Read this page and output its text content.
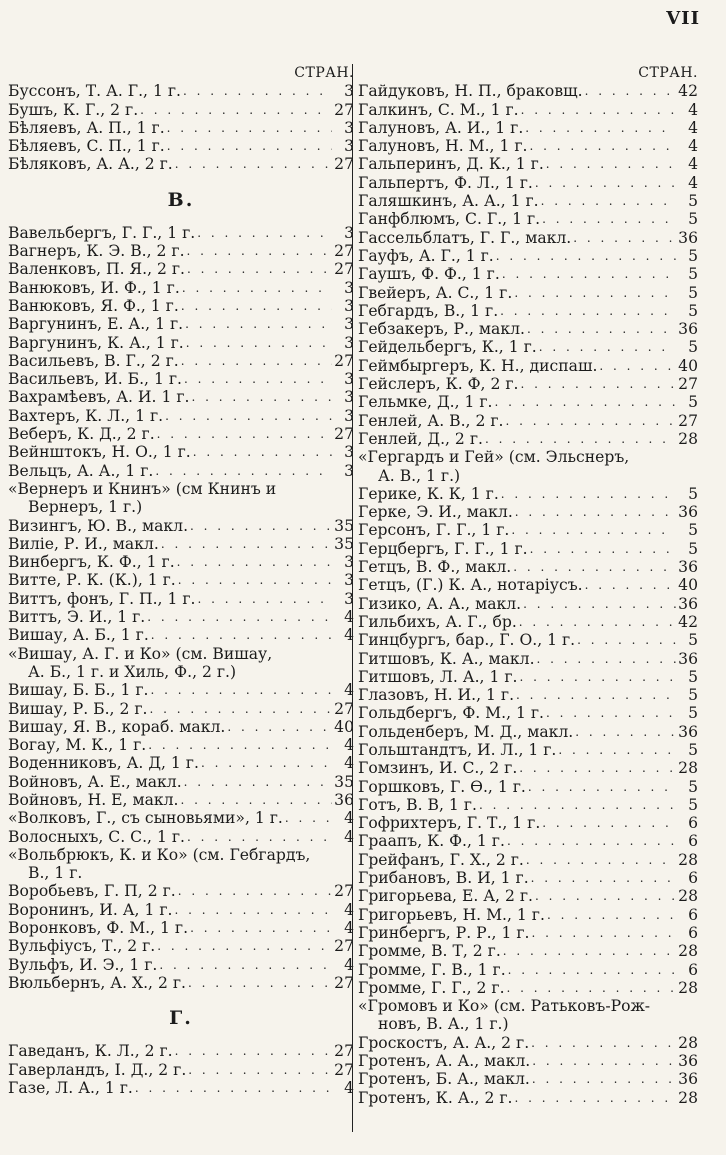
VII
СТРАН.
Буссонъ, Т. А. Г., 1 г. . . .	3
Бушъ, К. Г., 2 г. . . .	27
Бѣляевъ, А. П., 1 г. . . .	3
Бѣляевъ, С. П., 1 г. . . .	3
Бѣляковъ, А. А., 2 г. . . .	27
В.
Вавельбергъ, Г. Г., 1 г. . . .	3
Вагнеръ, К. Э. В., 2 г. . . .	27
Валенковъ, П. Я., 2 г. . . .	27
Ванюковъ, И. Ф., 1 г. . . .	3
Ванюковъ, Я. Ф., 1 г. . . .	3
Варгунинъ, Е. А., 1 г. . . .	3
Варгунинъ, К. А., 1 г. . . .	3
Васильевъ, В. Г., 2 г. . . .	27
Васильевъ, И. Б., 1 г. . . .	3
Вахрамѣевъ, А. И. 1 г. . . .	3
Вахтеръ, К. Л., 1 г. . . .	3
Веберъ, К. Д., 2 г. . . .	27
Вейнштокъ, Н. О., 1 г. . . .	3
Вельцъ, А. А., 1 г. . . .	3
«Вернеръ и Книнъ» (см Книнъ и
Вернеръ, 1 г.)
Визингъ, Ю. В., макл. . . .	35
Виліе, Р. И., макл. . . .	35
Винбергъ, К. Ф., 1 г. . . .	3
Витте, Р. К. (К.), 1 г. . . .	3
Виттъ, фонъ, Г. П., 1 г. . . .	3
Виттъ, Э. И., 1 г. . . .	4
Вишау, А. Б., 1 г. . . .	4
«Вишау, А. Г. и Ко» (см. Вишау,
А. Б., 1 г. и Хиль, Ф., 2 г.)
Вишау, Б. Б., 1 г. . . .	4
Вишау, Р. Б., 2 г. . . .	27
Вишау, Я. В., кораб. макл. . . .	40
Вогау, М. К., 1 г. . . .	4
Воденниковъ, А. Д, 1 г. . . .	4
Войновъ, А. Е., макл. . . .	35
Войновъ, Н. Е, макл. . . .	36
«Волковъ, Г., съ сыновьями», 1 г. . . .	4
Волосныхъ, С. С., 1 г. . . .	4
«Вольбрюкъ, К. и Ко» (см. Гебгардъ,
В., 1 г.
Воробьевъ, Г. П, 2 г. . . .	27
Воронинъ, И. А, 1 г. . . .	4
Воронковъ, Ф. М., 1 г. . . .	4
Вульфіусъ, Т., 2 г. . . .	27
Вульфъ, И. Э., 1 г. . . .	4
Вюльбернъ, А. Х., 2 г. . . .	27
Г.
Гаведанъ, К. Л., 2 г. . . .	27
Гаверландъ, І. Д., 2 г. . . .	27
Газе, Л. А., 1 г. . . .	4
СТРАН.
Гайдуковъ, Н. П., браковщ. . . .	42
Галкинъ, С. М., 1 г. . . .	4
Галуновъ, А. И., 1 г. . . .	4
Галуновъ, Н. М., 1 г. . . .	4
Гальперинъ, Д. К., 1 г. . . .	4
Гальпертъ, Ф. Л., 1 г. . . .	4
Галяшкинъ, А. А., 1 г. . . .	5
Ганфблюмъ, С. Г., 1 г. . . .	5
Гассельблатъ, Г. Г., макл. . . .	36
Гауфъ, А. Г., 1 г. . . .	5
Гаушъ, Ф. Ф., 1 г. . . .	5
Гвейеръ, А. С., 1 г. . . .	5
Гебгардъ, В., 1 г. . . .	5
Гебзакеръ, Р., макл. . . .	36
Гейдельбергъ, К., 1 г. . . .	5
Геймбыргеръ, К. Н., диспаш. . . .	40
Гейслеръ, К. Ф, 2 г. . . .	27
Гельмке, Д., 1 г. . . .	5
Генлей, А. В., 2 г. . . .	27
Генлей, Д., 2 г. . . .	28
«Гергардъ и Гей» (см. Эльснеръ,
А. В., 1 г.)
Герике, К. К, 1 г. . . .	5
Герке, Э. И., макл. . . .	36
Герсонъ, Г. Г., 1 г. . . .	5
Герцбергъ, Г. Г., 1 г. . . .	5
Гетцъ, В. Ф., макл. . . .	36
Гетцъ, (Г.) К. А., нотаріусъ. . . .	40
Гизико, А. А., макл. . . .	36
Гильбихъ, А. Г., бр. . . .	42
Гинцбургъ, бар., Г. О., 1 г. . . .	5
Гитшовъ, К. А., макл. . . .	36
Гитшовъ, Л. А., 1 г. . . .	5
Глазовъ, Н. И., 1 г. . . .	5
Гольдбергъ, Ф. М., 1 г. . . .	5
Гольденберъ, М. Д., макл. . . .	36
Гольштандтъ, И. Л., 1 г. . . .	5
Гомзинъ, И. С., 2 г. . . .	28
Горшковъ, Г. Ѳ., 1 г. . . .	5
Готъ, В. В, 1 г. . . .	5
Гофрихтеръ, Г. Т., 1 г. . . .	6
Граапъ, К. Ф., 1 г. . . .	6
Грейфанъ, Г. Х., 2 г. . . .	28
Грибановъ, В. И, 1 г. . . .	6
Григорьева, Е. А, 2 г. . . .	28
Григорьевъ, Н. М., 1 г. . . .	6
Гринбергъ, Р. Р., 1 г. . . .	6
Громме, В. Т, 2 г. . . .	28
Громме, Г. В., 1 г. . . .	6
Громме, Г. Г., 2 г. . . .	28
«Громовъ и Ко» (см. Ратьковъ-Рож-
новъ, В. А., 1 г.)
Гроскостъ, А. А., 2 г. . . .	28
Гротенъ, А. А., макл. . . .	36
Гротенъ, Б. А., макл. . . .	36
Гротенъ, К. А., 2 г. . . .	28
